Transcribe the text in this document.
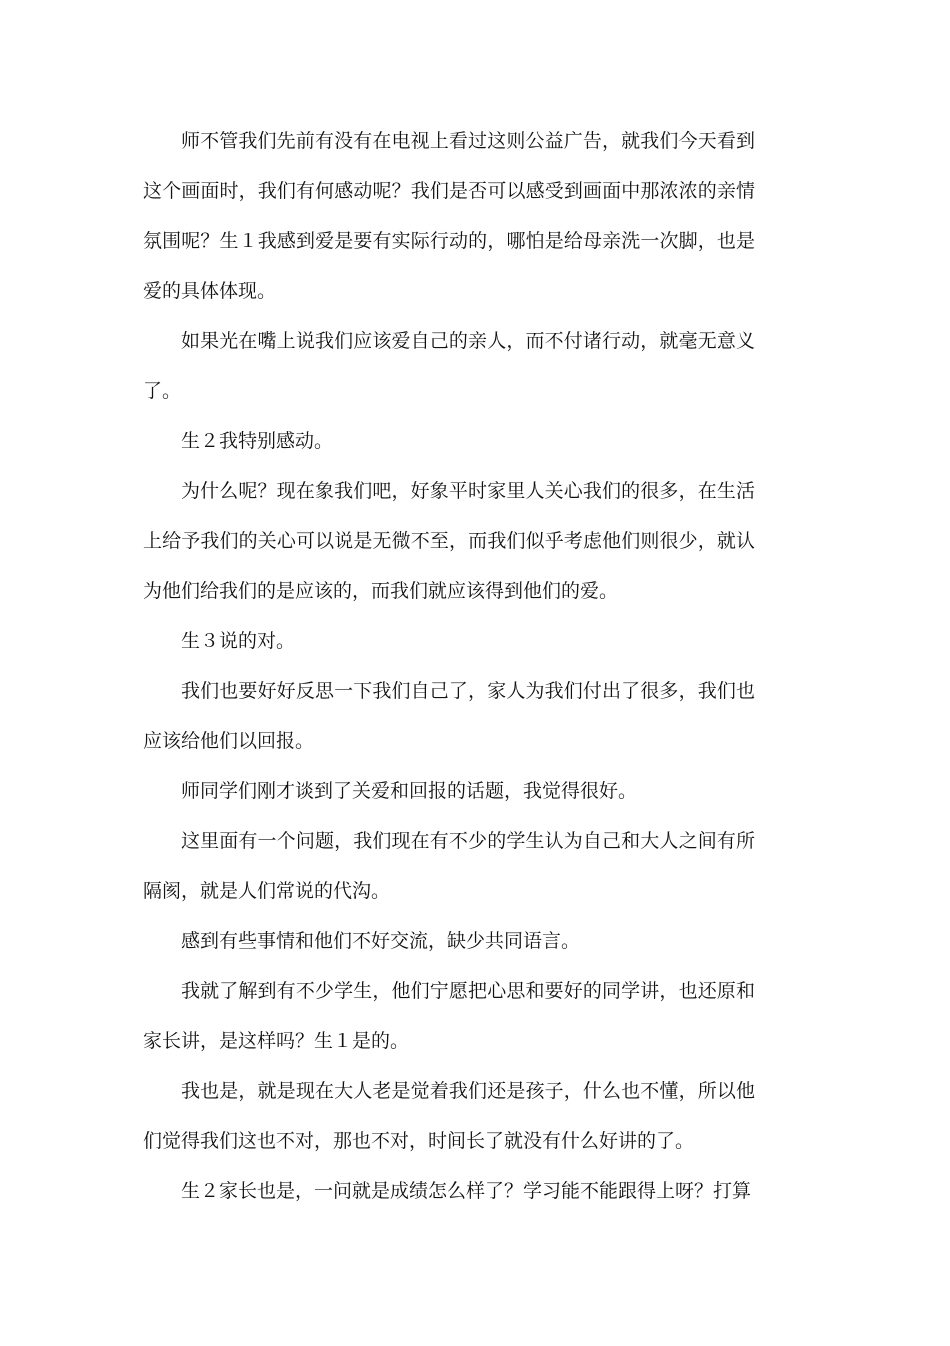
师不管我们先前有没有在电视上看过这则公益广告，就我们今天看到这个画面时，我们有何感动呢？我们是否可以感受到画面中那浓浓的亲情氛围呢？生１我感到爱是要有实际行动的，哪怕是给母亲洗一次脚，也是爱的具体体现。

如果光在嘴上说我们应该爱自己的亲人，而不付诸行动，就毫无意义了。

生２我特别感动。

为什么呢？现在象我们吧，好象平时家里人关心我们的很多，在生活上给予我们的关心可以说是无微不至，而我们似乎考虑他们则很少，就认为他们给我们的是应该的，而我们就应该得到他们的爱。

生３说的对。

我们也要好好反思一下我们自己了，家人为我们付出了很多，我们也应该给他们以回报。

师同学们刚才谈到了关爱和回报的话题，我觉得很好。

这里面有一个问题，我们现在有不少的学生认为自己和大人之间有所隔阂，就是人们常说的代沟。

感到有些事情和他们不好交流，缺少共同语言。

我就了解到有不少学生，他们宁愿把心思和要好的同学讲，也还原和家长讲，是这样吗？生１是的。

我也是，就是现在大人老是觉着我们还是孩子，什么也不懂，所以他们觉得我们这也不对，那也不对，时间长了就没有什么好讲的了。

生２家长也是，一问就是成绩怎么样了？学习能不能跟得上呀？打算
